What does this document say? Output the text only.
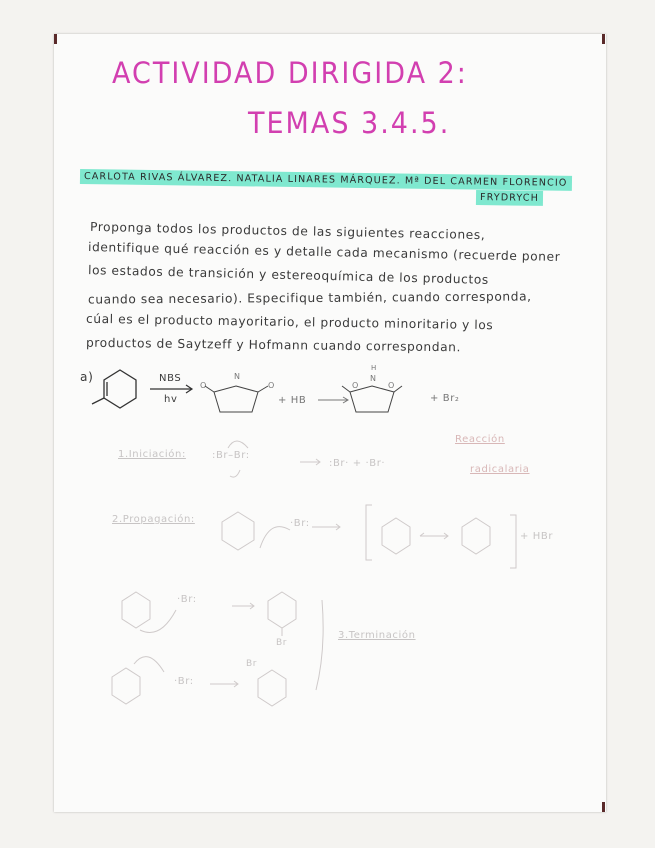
ACTIVIDAD DIRIGIDA 2:
TEMAS 3.4.5.
CARLOTA RIVAS ÁLVAREZ. NATALIA LINARES MÁRQUEZ. Mª DEL CARMEN FLORENCIO
FRYDRYCH
Proponga todos los productos de las siguientes reacciones,
identifique qué reacción es y detalle cada mecanismo (recuerde poner
los estados de transición y estereoquímica de los productos
cuando sea necesario). Especifique también, cuando corresponda,
cúal es el producto mayoritario, el producto minoritario y los
productos de Saytzeff y Hofmann cuando correspondan.
a)	NBS
hv	+ HB	+ Br₂
O
N
O	O
N
H
O
1.Iniciación:	:Br–Br:
:Br· + ·Br·
Reacción
radicalaria
2.Propagación:	·Br:
+ HBr
3.Terminación
·Br:
Br
·Br:
Br
